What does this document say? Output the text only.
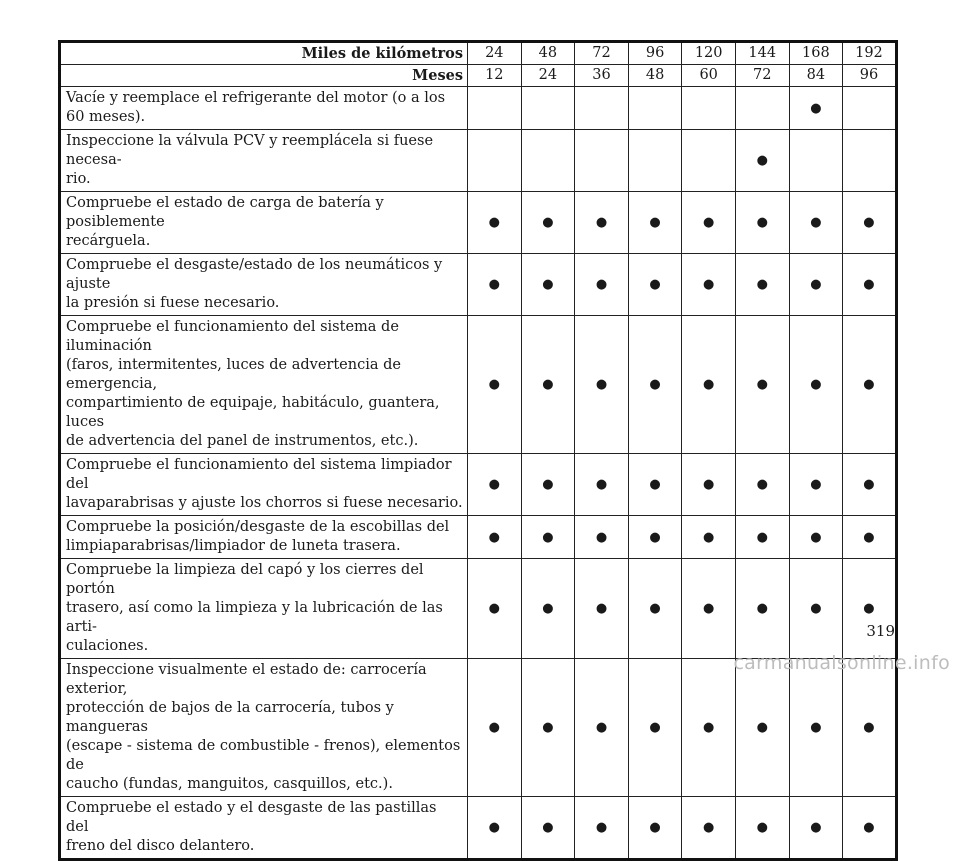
Miles de kilómetros	24	48	72	96	120	144	168	192
Meses	12	24	36	48	60	72	84	96

Vacíe y reemplace el refrigerante del motor (o a los
60 meses).							●	

Inspeccione la válvula PCV y reemplácela si fuese necesa-
rio.						●		

Compruebe el estado de carga de batería y posiblemente
recárguela.	●	●	●	●	●	●	●	●

Compruebe el desgaste/estado de los neumáticos y ajuste
la presión si fuese necesario.	●	●	●	●	●	●	●	●

Compruebe el funcionamiento del sistema de iluminación
(faros, intermitentes, luces de advertencia de emergencia,
compartimiento de equipaje, habitáculo, guantera, luces
de advertencia del panel de instrumentos, etc.).	●	●	●	●	●	●	●	●

Compruebe el funcionamiento del sistema limpiador del
lavaparabrisas y ajuste los chorros si fuese necesario.	●	●	●	●	●	●	●	●

Compruebe la posición/desgaste de la escobillas del
limpiaparabrisas/limpiador de luneta trasera.	●	●	●	●	●	●	●	●

Compruebe la limpieza del capó y los cierres del portón
trasero, así como la limpieza y la lubricación de las arti-
culaciones.	●	●	●	●	●	●	●	●

Inspeccione visualmente el estado de: carrocería exterior,
protección de bajos de la carrocería, tubos y mangueras
(escape - sistema de combustible - frenos), elementos de
caucho (fundas, manguitos, casquillos, etc.).	●	●	●	●	●	●	●	●

Compruebe el estado y el desgaste de las pastillas del
freno del disco delantero.	●	●	●	●	●	●	●	●
319
carmanualsonline.info
